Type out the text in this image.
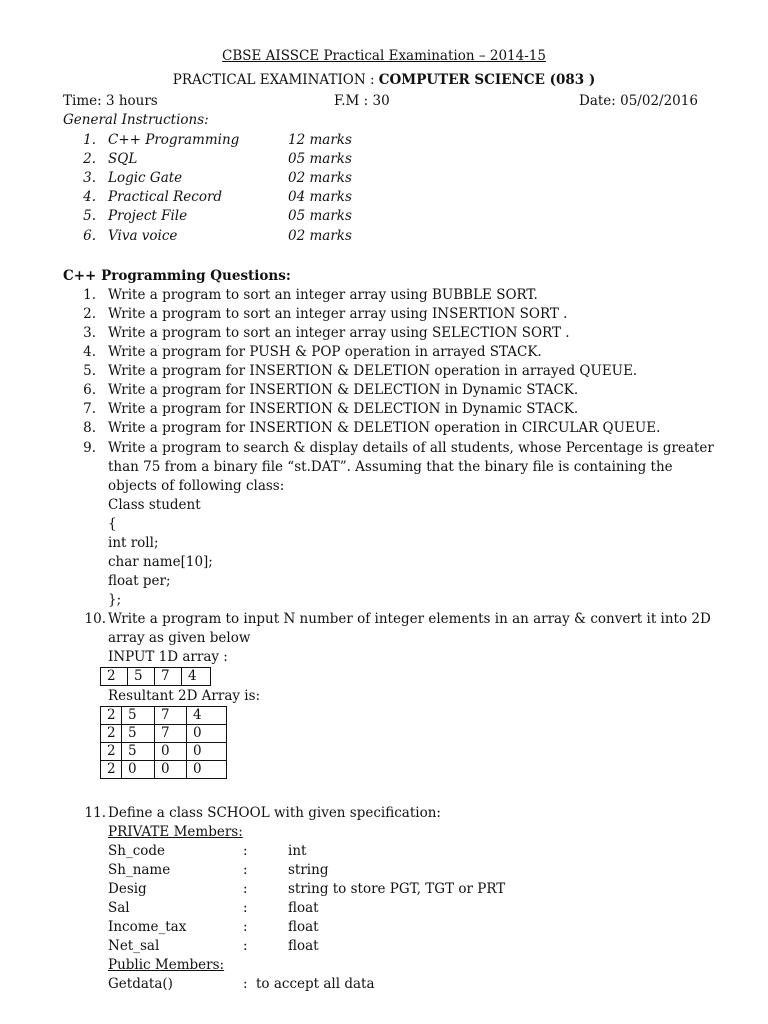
CBSE AISSCE Practical Examination – 2014-15
PRACTICAL EXAMINATION : COMPUTER SCIENCE (083 )
Time: 3 hours	F.M : 30	Date: 05/02/2016
General Instructions:
1. C++ Programming	12 marks
2. SQL	05 marks
3. Logic Gate	02 marks
4. Practical Record	04 marks
5. Project File	05 marks
6. Viva voice	02 marks
C++ Programming Questions:
1. Write a program to sort an integer array using BUBBLE SORT.
2. Write a program to sort an integer array using INSERTION SORT .
3. Write a program to sort an integer array using SELECTION SORT .
4. Write a program for PUSH & POP operation in arrayed STACK.
5. Write a program for INSERTION & DELETION operation in arrayed QUEUE.
6. Write a program for INSERTION & DELECTION in Dynamic STACK.
7. Write a program for INSERTION & DELECTION in Dynamic STACK.
8. Write a program for INSERTION & DELETION operation in CIRCULAR QUEUE.
9. Write a program to search & display details of all students, whose Percentage is greater
than 75 from a binary file “st.DAT”. Assuming that the binary file is containing the
objects of following class:
Class student
{
int roll;
char name[10];
float per;
};
10. Write a program to input N number of integer elements in an array & convert it into 2D
array as given below
INPUT 1D array :
2	5	7	4
Resultant 2D Array is:
2	5	7	4
2	5	7	0
2	5	0	0
2	0	0	0
11. Define a class SCHOOL with given specification:
PRIVATE Members:
Sh_code	:	int
Sh_name	:	string
Desig	:	string to store PGT, TGT or PRT
Sal	:	float
Income_tax	:	float
Net_sal	:	float
Public Members:
Getdata()	: to accept all data
